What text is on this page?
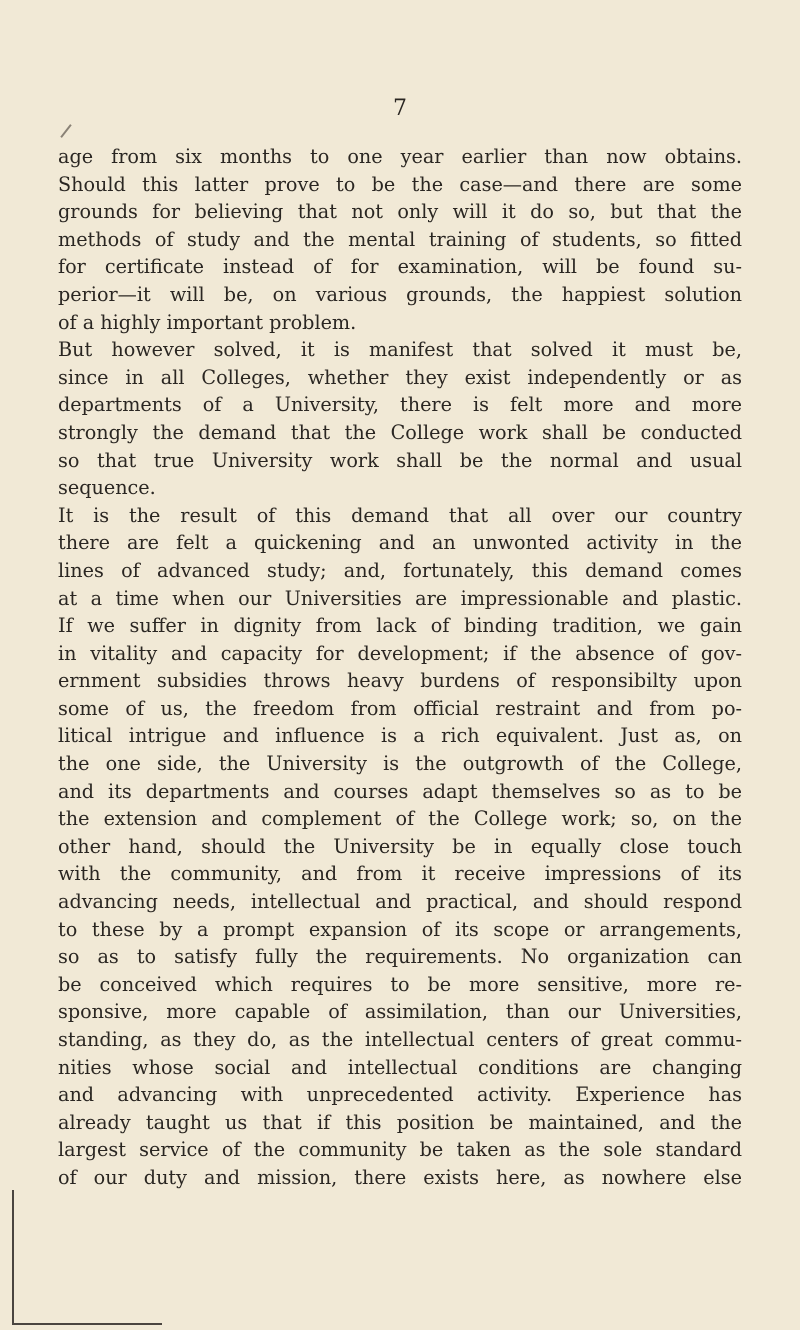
7
age from six months to one year earlier than now obtains.
Should this latter prove to be the case—and there are some
grounds for believing that not only will it do so, but that the
methods of study and the mental training of students, so fitted
for certificate instead of for examination, will be found su-
perior—it will be, on various grounds, the happiest solution
of a highly important problem.
But however solved, it is manifest that solved it must be,
since in all Colleges, whether they exist independently or as
departments of a University, there is felt more and more
strongly the demand that the College work shall be conducted
so that true University work shall be the normal and usual
sequence.
It is the result of this demand that all over our country
there are felt a quickening and an unwonted activity in the
lines of advanced study; and, fortunately, this demand comes
at a time when our Universities are impressionable and plastic.
If we suffer in dignity from lack of binding tradition, we gain
in vitality and capacity for development; if the absence of gov-
ernment subsidies throws heavy burdens of responsibilty upon
some of us, the freedom from official restraint and from po-
litical intrigue and influence is a rich equivalent. Just as, on
the one side, the University is the outgrowth of the College,
and its departments and courses adapt themselves so as to be
the extension and complement of the College work; so, on the
other hand, should the University be in equally close touch
with the community, and from it receive impressions of its
advancing needs, intellectual and practical, and should respond
to these by a prompt expansion of its scope or arrangements,
so as to satisfy fully the requirements. No organization can
be conceived which requires to be more sensitive, more re-
sponsive, more capable of assimilation, than our Universities,
standing, as they do, as the intellectual centers of great commu-
nities whose social and intellectual conditions are changing
and advancing with unprecedented activity. Experience has
already taught us that if this position be maintained, and the
largest service of the community be taken as the sole standard
of our duty and mission, there exists here, as nowhere else
